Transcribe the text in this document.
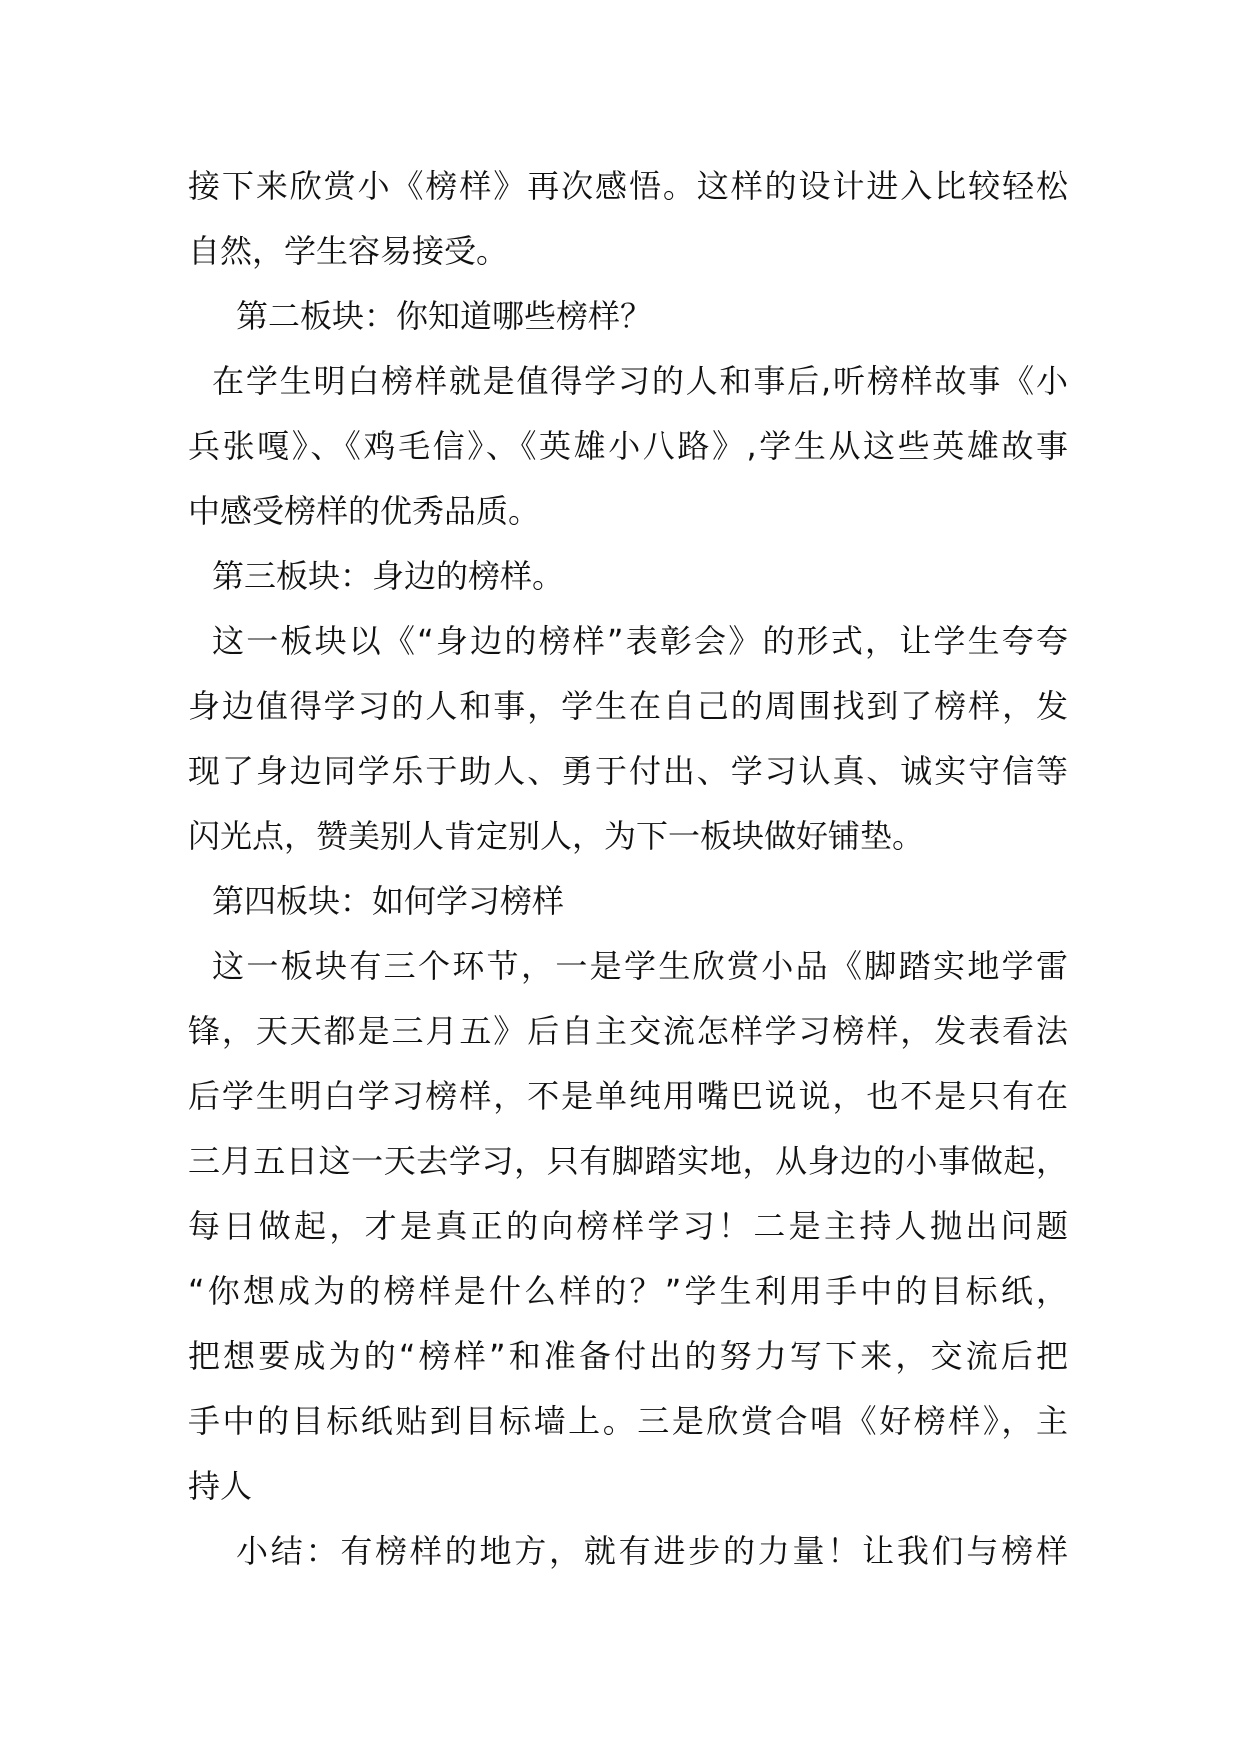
接下来欣赏小《榜样》再次感悟。这样的设计进入比较轻松
自然，学生容易接受。
第二板块：你知道哪些榜样？
在学生明白榜样就是值得学习的人和事后,听榜样故事《小
兵张嘎》、《鸡毛信》、《英雄小八路》,学生从这些英雄故事
中感受榜样的优秀品质。
第三板块：身边的榜样。
这一板块以《“身边的榜样”表彰会》的形式，让学生夸夸
身边值得学习的人和事，学生在自己的周围找到了榜样，发
现了身边同学乐于助人、勇于付出、学习认真、诚实守信等
闪光点，赞美别人肯定别人，为下一板块做好铺垫。
第四板块：如何学习榜样
这一板块有三个环节，一是学生欣赏小品《脚踏实地学雷
锋，天天都是三月五》后自主交流怎样学习榜样，发表看法
后学生明白学习榜样，不是单纯用嘴巴说说，也不是只有在
三月五日这一天去学习，只有脚踏实地，从身边的小事做起，
每日做起，才是真正的向榜样学习！二是主持人抛出问题
“你想成为的榜样是什么样的？”学生利用手中的目标纸，
把想要成为的“榜样”和准备付出的努力写下来，交流后把
手中的目标纸贴到目标墙上。三是欣赏合唱《好榜样》，主
持人
小结：有榜样的地方，就有进步的力量！让我们与榜样
